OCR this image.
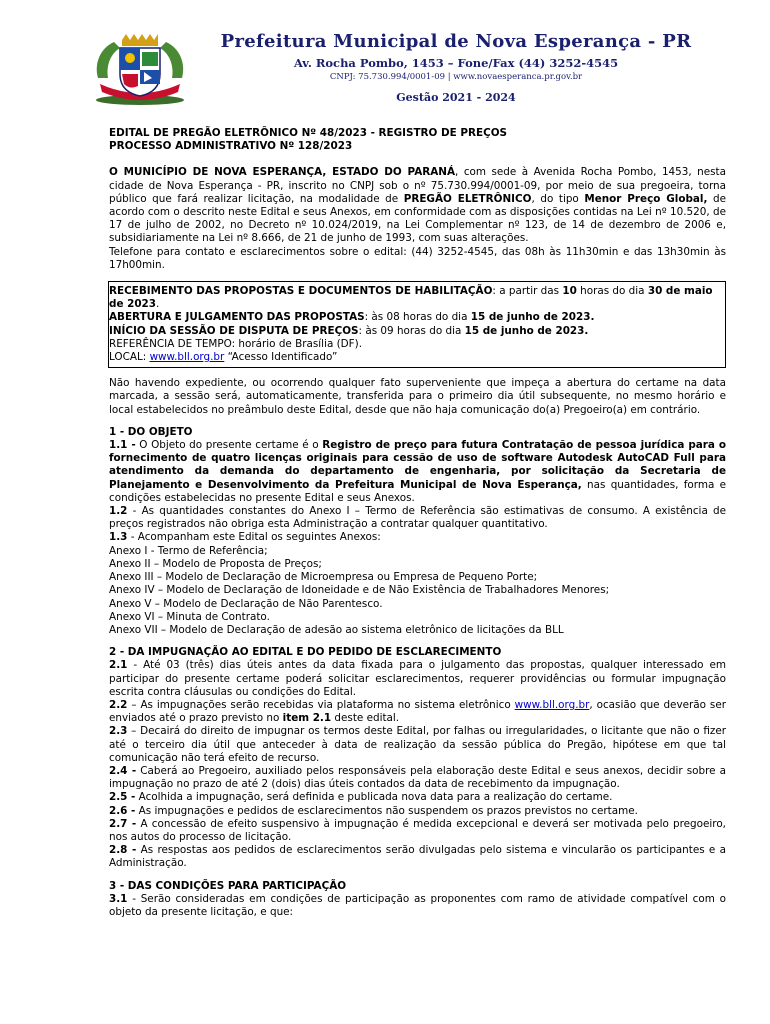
Prefeitura Municipal de Nova Esperança - PR
Av. Rocha Pombo, 1453 – Fone/Fax (44) 3252-4545
CNPJ: 75.730.994/0001-09 | www.novaesperanca.pr.gov.br
Gestão 2021 - 2024

EDITAL DE PREGÃO ELETRÔNICO Nº 48/2023 - REGISTRO DE PREÇOS

PROCESSO ADMINISTRATIVO Nº 128/2023

O MUNICÍPIO DE NOVA ESPERANÇA, ESTADO DO PARANÁ, com sede à Avenida Rocha Pombo, 1453, nesta cidade de Nova Esperança - PR, inscrito no CNPJ sob o nº 75.730.994/0001-09, por meio de sua pregoeira, torna público que fará realizar licitação, na modalidade de PREGÃO ELETRÔNICO, do tipo Menor Preço Global, de acordo com o descrito neste Edital e seus Anexos, em conformidade com as disposições contidas na Lei nº 10.520, de 17 de julho de 2002, no Decreto nº 10.024/2019, na Lei Complementar nº 123, de 14 de dezembro de 2006 e, subsidiariamente na Lei nº 8.666, de 21 de junho de 1993, com suas alterações.

Telefone para contato e esclarecimentos sobre o edital: (44) 3252-4545, das 08h às 11h30min e das 13h30min às 17h00min.

RECEBIMENTO DAS PROPOSTAS E DOCUMENTOS DE HABILITAÇÃO: a partir das 10 horas do dia 30 de maio de 2023.

ABERTURA E JULGAMENTO DAS PROPOSTAS: às 08 horas do dia 15 de junho de 2023.

INÍCIO DA SESSÃO DE DISPUTA DE PREÇOS: às 09 horas do dia 15 de junho de 2023.

REFERÊNCIA DE TEMPO: horário de Brasília (DF).

LOCAL: www.bll.org.br “Acesso Identificado”

Não havendo expediente, ou ocorrendo qualquer fato superveniente que impeça a abertura do certame na data marcada, a sessão será, automaticamente, transferida para o primeiro dia útil subsequente, no mesmo horário e local estabelecidos no preâmbulo deste Edital, desde que não haja comunicação do(a) Pregoeiro(a) em contrário.

1 - DO OBJETO

1.1 - O Objeto do presente certame é o Registro de preço para futura Contratação de pessoa jurídica para o fornecimento de quatro licenças originais para cessão de uso de software Autodesk AutoCAD Full para atendimento da demanda do departamento de engenharia, por solicitação da Secretaria de Planejamento e Desenvolvimento da Prefeitura Municipal de Nova Esperança, nas quantidades, forma e condições estabelecidas no presente Edital e seus Anexos.

1.2 - As quantidades constantes do Anexo I – Termo de Referência são estimativas de consumo. A existência de preços registrados não obriga esta Administração a contratar qualquer quantitativo.

1.3 - Acompanham este Edital os seguintes Anexos:

Anexo I - Termo de Referência;

Anexo II – Modelo de Proposta de Preços;

Anexo III – Modelo de Declaração de Microempresa ou Empresa de Pequeno Porte;

Anexo IV – Modelo de Declaração de Idoneidade e de Não Existência de Trabalhadores Menores;

Anexo V – Modelo de Declaração de Não Parentesco.

Anexo VI – Minuta de Contrato.

Anexo VII – Modelo de Declaração de adesão ao sistema eletrônico de licitações da BLL

2 - DA IMPUGNAÇÃO AO EDITAL E DO PEDIDO DE ESCLARECIMENTO

2.1 - Até 03 (três) dias úteis antes da data fixada para o julgamento das propostas, qualquer interessado em participar do presente certame poderá solicitar esclarecimentos, requerer providências ou formular impugnação escrita contra cláusulas ou condições do Edital.

2.2 – As impugnações serão recebidas via plataforma no sistema eletrônico www.bll.org.br, ocasião que deverão ser enviados até o prazo previsto no item 2.1 deste edital.

2.3 – Decairá do direito de impugnar os termos deste Edital, por falhas ou irregularidades, o licitante que não o fizer até o terceiro dia útil que anteceder à data de realização da sessão pública do Pregão, hipótese em que tal comunicação não terá efeito de recurso.

2.4 - Caberá ao Pregoeiro, auxiliado pelos responsáveis pela elaboração deste Edital e seus anexos, decidir sobre a impugnação no prazo de até 2 (dois) dias úteis contados da data de recebimento da impugnação.

2.5 - Acolhida a impugnação, será definida e publicada nova data para a realização do certame.

2.6 - As impugnações e pedidos de esclarecimentos não suspendem os prazos previstos no certame.

2.7 - A concessão de efeito suspensivo à impugnação é medida excepcional e deverá ser motivada pelo pregoeiro, nos autos do processo de licitação.

2.8 - As respostas aos pedidos de esclarecimentos serão divulgadas pelo sistema e vincularão os participantes e a Administração.

3 - DAS CONDIÇÕES PARA PARTICIPAÇÃO

3.1 - Serão consideradas em condições de participação as proponentes com ramo de atividade compatível com o objeto da presente licitação, e que:
